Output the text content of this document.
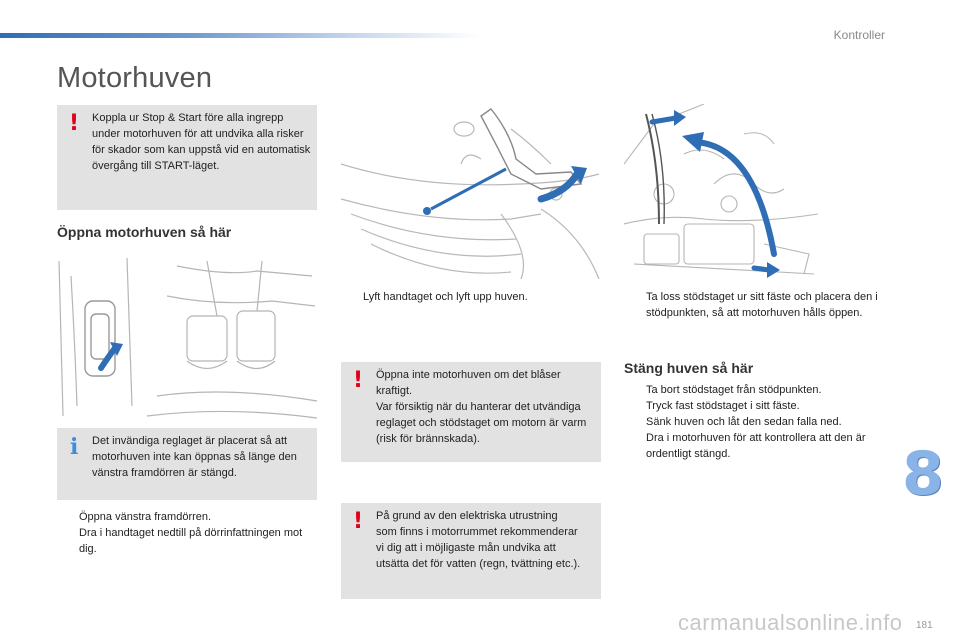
Kontroller
Motorhuven
! Koppla ur Stop & Start före alla ingrepp under motorhuven för att undvika alla risker för skador som kan uppstå vid en automatisk övergång till START-läget.
Öppna motorhuven så här
i Det invändiga reglaget är placerat så att motorhuven inte kan öppnas så länge den vänstra framdörren är stängd.
Öppna vänstra framdörren.
Dra i handtaget nedtill på dörrinfattningen mot dig.
Lyft handtaget och lyft upp huven.
! Öppna inte motorhuven om det blåser kraftigt.
Var försiktig när du hanterar det utvändiga reglaget och stödstaget om motorn är varm (risk för brännskada).
! På grund av den elektriska utrustning som finns i motorrummet rekommenderar vi dig att i möjligaste mån undvika att utsätta det för vatten (regn, tvättning etc.).
Ta loss stödstaget ur sitt fäste och placera den i stödpunkten, så att motorhuven hålls öppen.
Stäng huven så här
Ta bort stödstaget från stödpunkten.
Tryck fast stödstaget i sitt fäste.
Sänk huven och låt den sedan falla ned.
Dra i motorhuven för att kontrollera att den är ordentligt stängd.	8
carmanualsonline.info 181
